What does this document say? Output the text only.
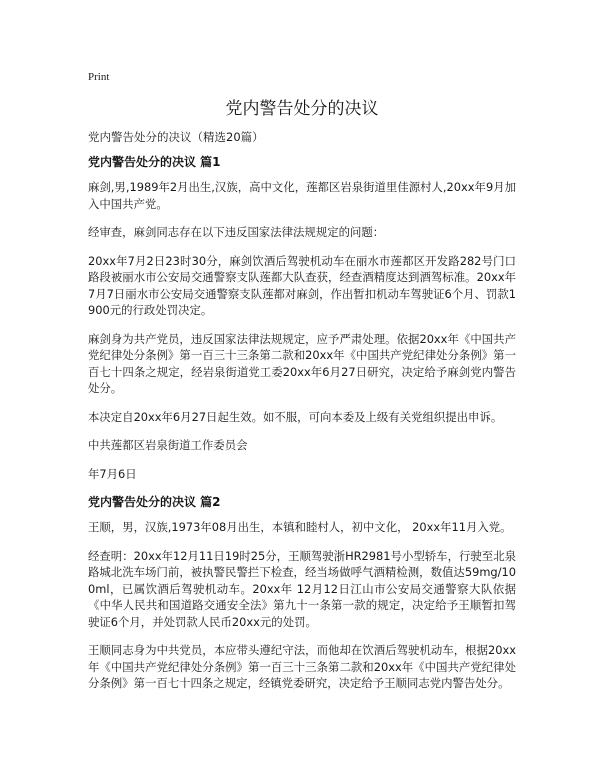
Print
党内警告处分的决议

党内警告处分的决议（精选20篇）

党内警告处分的决议 篇1

麻剑,男,1989年2月出生,汉族，高中文化，莲都区岩泉街道里佳源村人,20xx年9月加入中国共产党。

经审查，麻剑同志存在以下违反国家法律法规规定的问题：

20xx年7月2日23时30分，麻剑饮酒后驾驶机动车在丽水市莲都区开发路282号门口路段被丽水市公安局交通警察支队莲都大队查获，经查酒精度达到酒驾标准。20xx年7月7日丽水市公安局交通警察支队莲都对麻剑，作出暂扣机动车驾驶证6个月、罚款1900元的行政处罚决定。

麻剑身为共产党员，违反国家法律法规规定，应予严肃处理。依据20xx年《中国共产党纪律处分条例》第一百三十三条第二款和20xx年《中国共产党纪律处分条例》第一百七十四条之规定，经岩泉街道党工委20xx年6月27日研究，决定给予麻剑党内警告处分。

本决定自20xx年6月27日起生效。如不服，可向本委及上级有关党组织提出申诉。

中共莲都区岩泉街道工作委员会

年7月6日

党内警告处分的决议 篇2

王顺，男，汉族,1973年08月出生，本镇和睦村人，初中文化， 20xx年11月入党。

经查明：20xx年12月11日19时25分，王顺驾驶浙HR2981号小型轿车，行驶至北泉路城北洗车场门前，被执警民警拦下检查，经当场做呼气酒精检测，数值达59mg/100ml，已属饮酒后驾驶机动车。20xx年 12月12日江山市公安局交通警察大队依据《中华人民共和国道路交通安全法》第九十一条第一款的规定，决定给予王顺暂扣驾驶证6个月，并处罚款人民币20xx元的处罚。

王顺同志身为中共党员，本应带头遵纪守法，而他却在饮酒后驾驶机动车，根据20xx年《中国共产党纪律处分条例》第一百三十三条第二款和20xx年《中国共产党纪律处分条例》第一百七十四条之规定，经镇党委研究，决定给予王顺同志党内警告处分。
